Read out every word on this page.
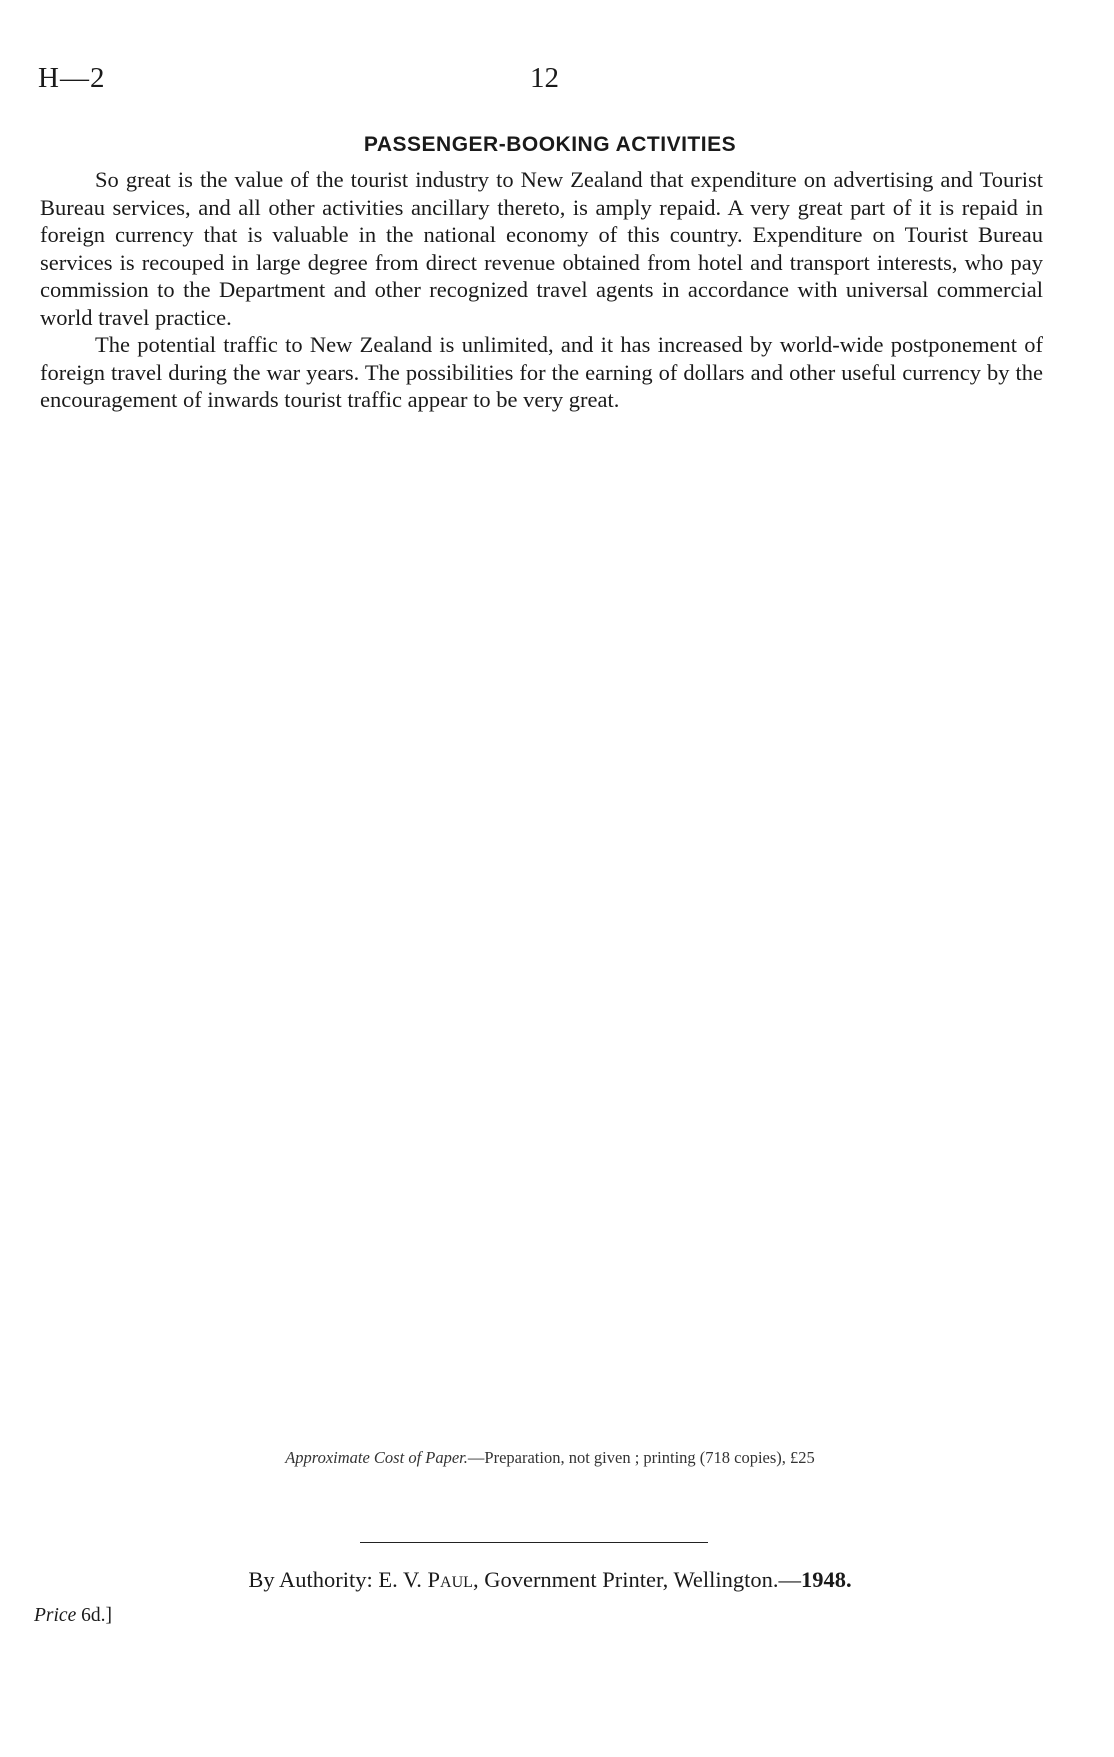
H—2	12
PASSENGER-BOOKING ACTIVITIES

So great is the value of the tourist industry to New Zealand that expenditure on advertising and Tourist Bureau services, and all other activities ancillary thereto, is amply repaid. A very great part of it is repaid in foreign currency that is valuable in the national economy of this country. Expenditure on Tourist Bureau services is recouped in large degree from direct revenue obtained from hotel and transport interests, who pay commission to the Department and other recognized travel agents in accordance with universal commercial world travel practice.

The potential traffic to New Zealand is unlimited, and it has increased by world-wide postponement of foreign travel during the war years. The possibilities for the earning of dollars and other useful currency by the encouragement of inwards tourist traffic appear to be very great.

Approximate Cost of Paper.—Preparation, not given ; printing (718 copies), £25
By Authority: E. V. Paul, Government Printer, Wellington.—1948.
Price 6d.]
